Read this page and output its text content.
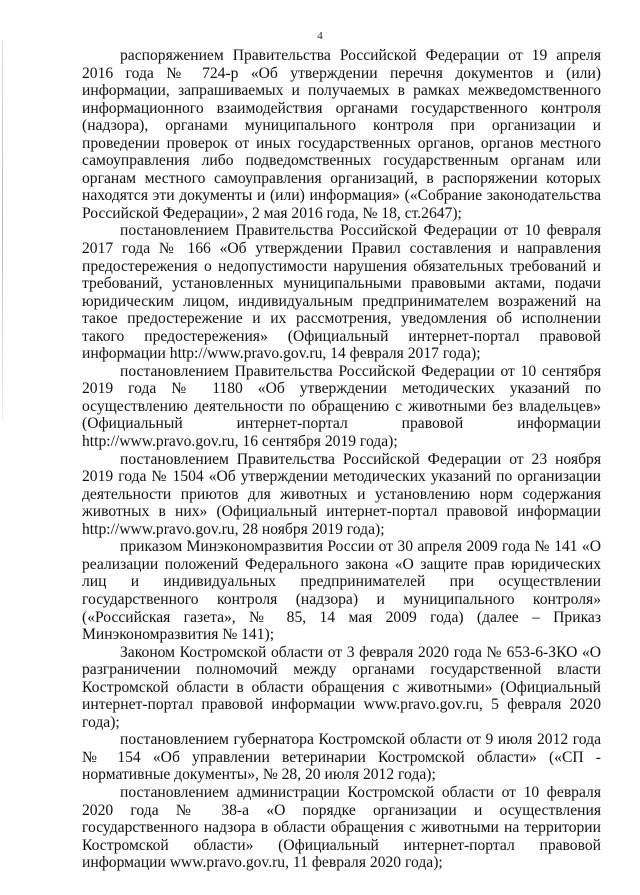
4

распоряжением Правительства Российской Федерации от 19 апреля 2016 года № 724-р «Об утверждении перечня документов и (или) информации, запрашиваемых и получаемых в рамках межведомственного информационного взаимодействия органами государственного контроля (надзора), органами муниципального контроля при организации и проведении проверок от иных государственных органов, органов местного самоуправления либо подведомственных государственным органам или органам местного самоуправления организаций, в распоряжении которых находятся эти документы и (или) информация» («Собрание законодательства Российской Федерации», 2 мая 2016 года, № 18, ст.2647);

постановлением Правительства Российской Федерации от 10 февраля 2017 года № 166 «Об утверждении Правил составления и направления предостережения о недопустимости нарушения обязательных требований и требований, установленных муниципальными правовыми актами, подачи юридическим лицом, индивидуальным предпринимателем возражений на такое предостережение и их рассмотрения, уведомления об исполнении такого предостережения» (Официальный интернет-портал правовой информации http://www.pravo.gov.ru, 14 февраля 2017 года);

постановлением Правительства Российской Федерации от 10 сентября 2019 года № 1180 «Об утверждении методических указаний по осуществлению деятельности по обращению с животными без владельцев» (Официальный интернет-портал правовой информации http://www.pravo.gov.ru, 16 сентября 2019 года);

постановлением Правительства Российской Федерации от 23 ноября 2019 года № 1504 «Об утверждении методических указаний по организации деятельности приютов для животных и установлению норм содержания животных в них» (Официальный интернет-портал правовой информации http://www.pravo.gov.ru, 28 ноября 2019 года);

приказом Минэкономразвития России от 30 апреля 2009 года № 141 «О реализации положений Федерального закона «О защите прав юридических лиц и индивидуальных предпринимателей при осуществлении государственного контроля (надзора) и муниципального контроля» («Российская газета», № 85, 14 мая 2009 года) (далее – Приказ Минэкономразвития № 141);

Законом Костромской области от 3 февраля 2020 года № 653-6-ЗКО «О разграничении полномочий между органами государственной власти Костромской области в области обращения с животными» (Официальный интернет-портал правовой информации www.pravo.gov.ru, 5 февраля 2020 года);

постановлением губернатора Костромской области от 9 июля 2012 года № 154 «Об управлении ветеринарии Костромской области» («СП - нормативные документы», № 28, 20 июля 2012 года);

постановлением администрации Костромской области от 10 февраля 2020 года № 38-а «О порядке организации и осуществления государственного надзора в области обращения с животными на территории Костромской области» (Официальный интернет-портал правовой информации www.pravo.gov.ru, 11 февраля 2020 года);
